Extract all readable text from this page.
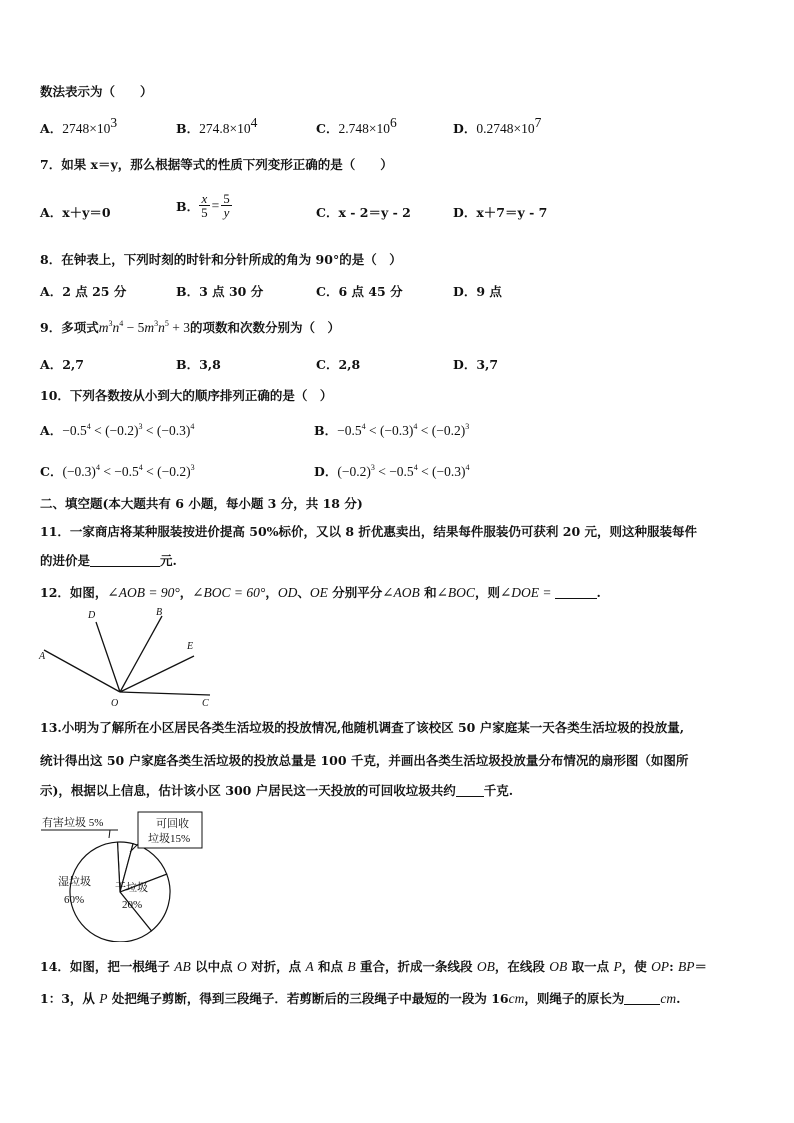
数法表示为（　　）
A．$2748\times 10^3$	B．$274.8\times 10^4$	C．$2.748\times 10^6$	D．$0.2748\times 10^7$
7．如果 x＝y，那么根据等式的性质下列变形正确的是（　　）
A．x＋y＝0	B． $\frac{x}{5} = \frac{5}{y}$	C．x - 2＝y - 2	D．x＋7＝y - 7
8．在钟表上，下列时刻的时针和分针所成的角为 90°的是（　）
A．2 点 25 分	B．3 点 30 分	C．6 点 45 分	D．9 点
9．多项式$m^3n^4 - 5m^3n^5 + 3$的项数和次数分别为（　）
A．2,7	B．3,8	C．2,8	D．3,7
10．下列各数按从小到大的顺序排列正确的是（　）
A．$-0.5^4 < (-0.2)^3 < (-0.3)^4$	B．$-0.5^4 < (-0.3)^4 < (-0.2)^3$
C．$(-0.3)^4 < -0.5^4 < (-0.2)^3$	D．$(-0.2)^3 < -0.5^4 < (-0.3)^4$
二、填空题(本大题共有 6 小题，每小题 3 分，共 18 分)
11．一家商店将某种服装按进价提高 50%标价，又以 8 折优惠卖出，结果每件服装仍可获利 20 元，则这种服装每件
的进价是	元.
12．如图，∠AOB = 90°，∠BOC = 60°，OD、OE 分别平分∠AOB 和∠BOC，则∠DOE =	.
A
D	B
E
O	C
13.小明为了解所在小区居民各类生活垃圾的投放情况,他随机调查了该校区 50 户家庭某一天各类生活垃圾的投放量,
统计得出这 50 户家庭各类生活垃圾的投放总量是 100 千克，并画出各类生活垃圾投放量分布情况的扇形图（如图所
示)，根据以上信息，估计该小区 300 户居民这一天投放的可回收垃圾共约 千克.
有害垃圾 5%	可回收
垃圾15%
湿垃圾
60%
干垃圾
20%
14．如图，把一根绳子 AB 以中点 O 对折，点 A 和点 B 重合，折成一条线段 OB，在线段 OB 取一点 P，使 OP: BP＝
1：3，从 P 处把绳子剪断，得到三段绳子．若剪断后的三段绳子中最短的一段为 16cm，则绳子的原长为	cm.
